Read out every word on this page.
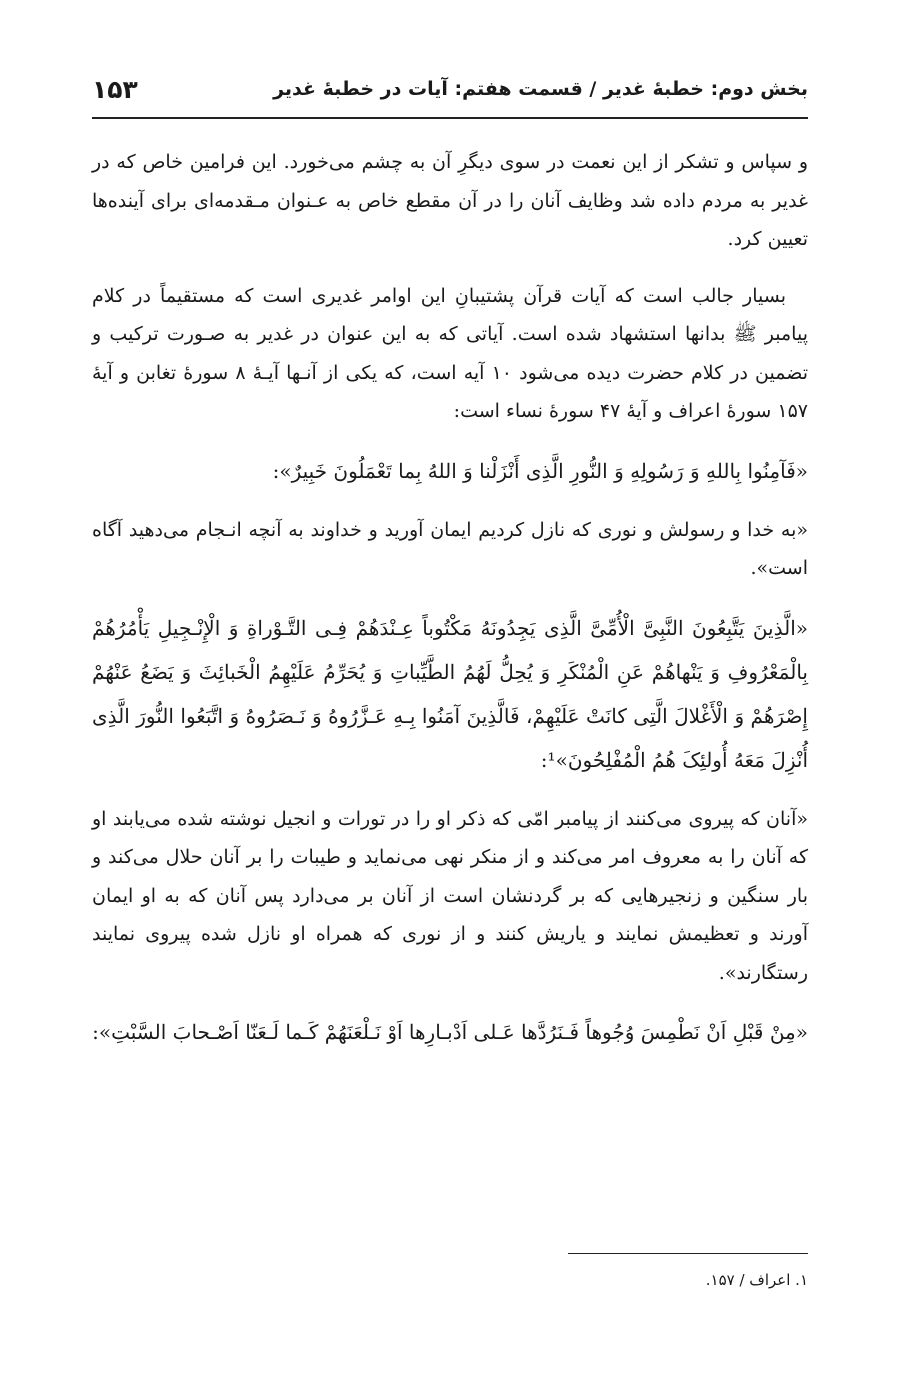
بخش دوم: خطبهٔ غدیر / قسمت هفتم: آیات در خطبهٔ غدیر
۱۵۳

و سپاس و تشکر از این نعمت در سوی دیگرِ آن به چشم می‌خورد. این فرامین خاص که در غدیر به مردم داده شد وظایف آنان را در آن مقطع خاص به عـنوان مـقدمه‌ای برای آینده‌ها تعیین کرد.

بسیار جالب است که آیات قرآن پشتیبانِ این اوامر غدیری است که مستقیماً در کلام پیامبر ﷺ بدانها استشهاد شده است. آیاتی که به این عنوان در غدیر به صـورت ترکیب و تضمین در کلام حضرت دیده می‌شود ۱۰ آیه است، که یکی از آنـها آیـهٔ ۸ سورهٔ تغابن و آیهٔ ۱۵۷ سورهٔ اعراف و آیهٔ ۴۷ سورهٔ نساء است:

«فَآمِنُوا بِاللهِ وَ رَسُولِهِ وَ النُّورِ الَّذِی أَنْزَلْنا وَ اللهُ بِما تَعْمَلُونَ خَبِیرٌ»:

«به خدا و رسولش و نوری که نازل کردیم ایمان آورید و خداوند به آنچه انـجام می‌دهید آگاه است».

«الَّذِینَ یَتَّبِعُونَ النَّبِیَّ الْأُمِّیَّ الَّذِی یَجِدُونَهُ مَکْتُوباً عِـنْدَهُمْ فِـی التَّـوْراةِ وَ الْإِنْـجِیلِ یَأْمُرُهُمْ بِالْمَعْرُوفِ وَ یَنْهاهُمْ عَنِ الْمُنْکَرِ وَ یُحِلُّ لَهُمُ الطَّیِّباتِ وَ یُحَرِّمُ عَلَیْهِمُ الْخَبائِثَ وَ یَضَعُ عَنْهُمْ إِصْرَهُمْ وَ الْأَغْلالَ الَّتِی کانَتْ عَلَیْهِمْ، فَالَّذِینَ آمَنُوا بِـهِ عَـزَّرُوهُ وَ نَـصَرُوهُ وَ اتَّبَعُوا النُّورَ الَّذِی أُنْزِلَ مَعَهُ أُولئِکَ هُمُ الْمُفْلِحُونَ»¹:

«آنان که پیروی می‌کنند از پیامبر امّی که ذکر او را در تورات و انجیل نوشته شده می‌یابند او که آنان را به معروف امر می‌کند و از منکر نهی می‌نماید و طیبات را بر آنان حلال می‌کند و بار سنگین و زنجیرهایی که بر گردنشان است از آنان بر می‌دارد پس آنان که به او ایمان آورند و تعظیمش نمایند و یاریش کنند و از نوری که همراه او نازل شده پیروی نمایند رستگارند».

«مِنْ قَبْلِ اَنْ نَطْمِسَ وُجُوهاً فَـنَرُدَّها عَـلی اَدْبـارِها اَوْ نَـلْعَنَهُمْ کَـما لَـعَنّا اَصْـحابَ السَّبْتِ»:

۱. اعراف / ۱۵۷.
